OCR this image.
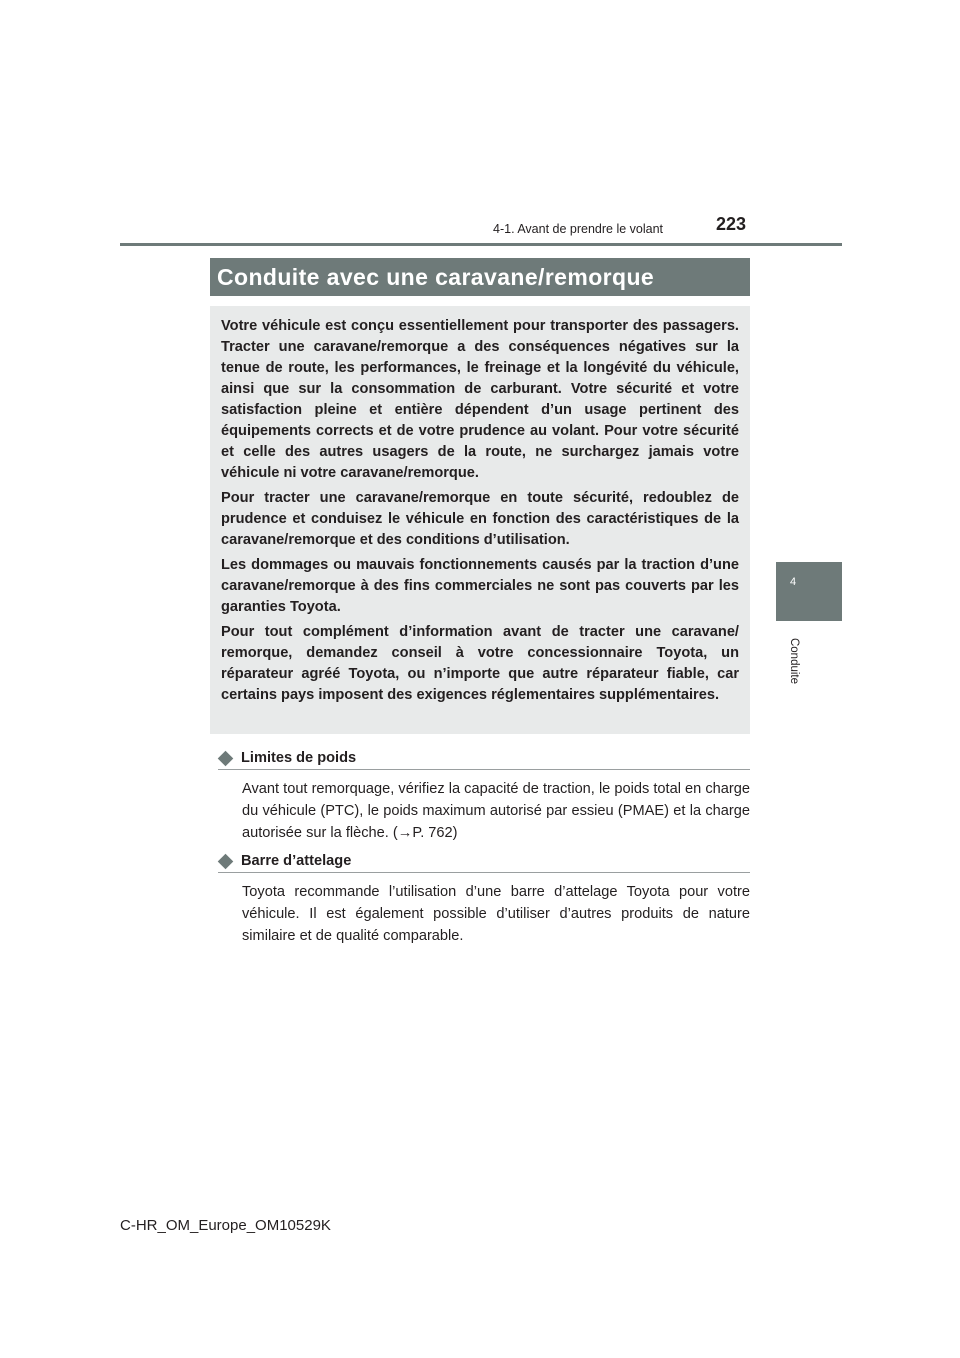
4-1. Avant de prendre le volant	223
4
Conduite
Conduite avec une caravane/remorque

Votre véhicule est conçu essentiellement pour transporter des passagers. Tracter une caravane/remorque a des conséquences négatives sur la tenue de route, les performances, le freinage et la longévité du véhicule, ainsi que sur la consommation de carburant. Votre sécurité et votre satisfaction pleine et entière dépendent d’un usage pertinent des équipements corrects et de votre prudence au volant. Pour votre sécurité et celle des autres usagers de la route, ne surchargez jamais votre véhicule ni votre caravane/remorque.

Pour tracter une caravane/remorque en toute sécurité, redoublez de prudence et conduisez le véhicule en fonction des caractéristiques de la caravane/remorque et des conditions d’utilisation.

Les dommages ou mauvais fonctionnements causés par la traction d’une caravane/remorque à des fins commerciales ne sont pas couverts par les garanties Toyota.

Pour tout complément d’information avant de tracter une caravane/ remorque, demandez conseil à votre concessionnaire Toyota, un réparateur agréé Toyota, ou n’importe que autre réparateur fiable, car certains pays imposent des exigences réglementaires supplémentaires.

Limites de poids
Avant tout remorquage, vérifiez la capacité de traction, le poids total en charge du véhicule (PTC), le poids maximum autorisé par essieu (PMAE) et la charge autorisée sur la flèche. (→P. 762)
Barre d’attelage
Toyota recommande l’utilisation d’une barre d’attelage Toyota pour votre véhicule. Il est également possible d’utiliser d’autres produits de nature similaire et de qualité comparable.
C-HR_OM_Europe_OM10529K
